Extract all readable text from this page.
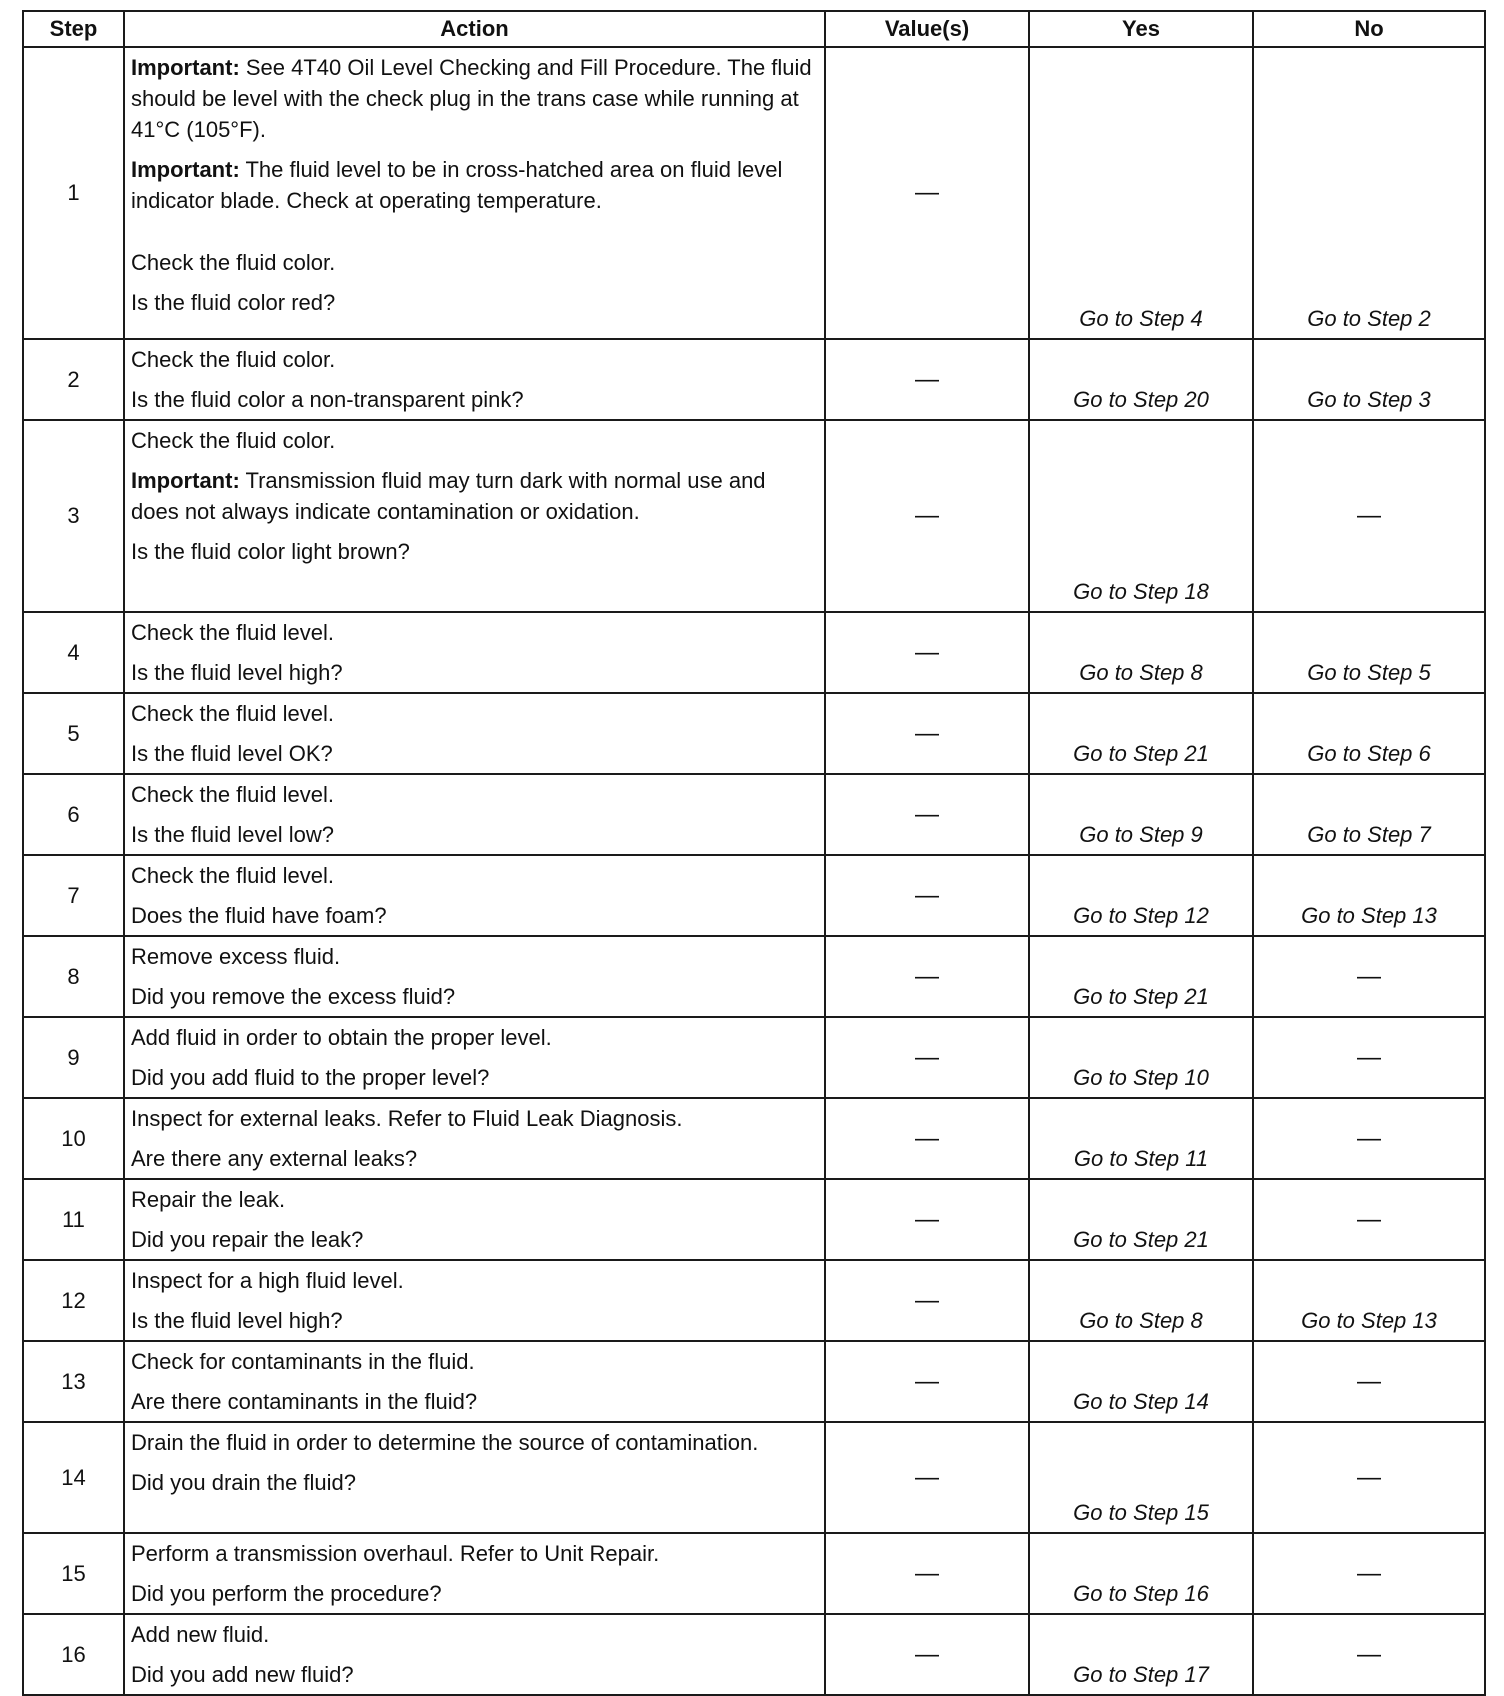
Step	Action	Value(s)	Yes	No
1	Important: See 4T40 Oil Level Checking and Fill Procedure. The fluid should be level with the check plug in the trans case while running at 41°C (105°F).

Important: The fluid level to be in cross-hatched area on fluid level indicator blade. Check at operating temperature.

Check the fluid color.

Is the fluid color red?	—	Go to Step 4	Go to Step 2
2	Check the fluid color.

Is the fluid color a non-transparent pink?	—	Go to Step 20	Go to Step 3
3	Check the fluid color.

Important: Transmission fluid may turn dark with normal use and does not always indicate contamination or oxidation.

Is the fluid color light brown?	—	Go to Step 18	—
4	Check the fluid level.

Is the fluid level high?	—	Go to Step 8	Go to Step 5
5	Check the fluid level.

Is the fluid level OK?	—	Go to Step 21	Go to Step 6
6	Check the fluid level.

Is the fluid level low?	—	Go to Step 9	Go to Step 7
7	Check the fluid level.

Does the fluid have foam?	—	Go to Step 12	Go to Step 13
8	Remove excess fluid.

Did you remove the excess fluid?	—	Go to Step 21	—
9	Add fluid in order to obtain the proper level.

Did you add fluid to the proper level?	—	Go to Step 10	—
10	Inspect for external leaks. Refer to Fluid Leak Diagnosis.

Are there any external leaks?	—	Go to Step 11	—
11	Repair the leak.

Did you repair the leak?	—	Go to Step 21	—
12	Inspect for a high fluid level.

Is the fluid level high?	—	Go to Step 8	Go to Step 13
13	Check for contaminants in the fluid.

Are there contaminants in the fluid?	—	Go to Step 14	—
14	Drain the fluid in order to determine the source of contamination.

Did you drain the fluid?	—	Go to Step 15	—
15	Perform a transmission overhaul. Refer to Unit Repair.

Did you perform the procedure?	—	Go to Step 16	—
16	Add new fluid.

Did you add new fluid?	—	Go to Step 17	—
